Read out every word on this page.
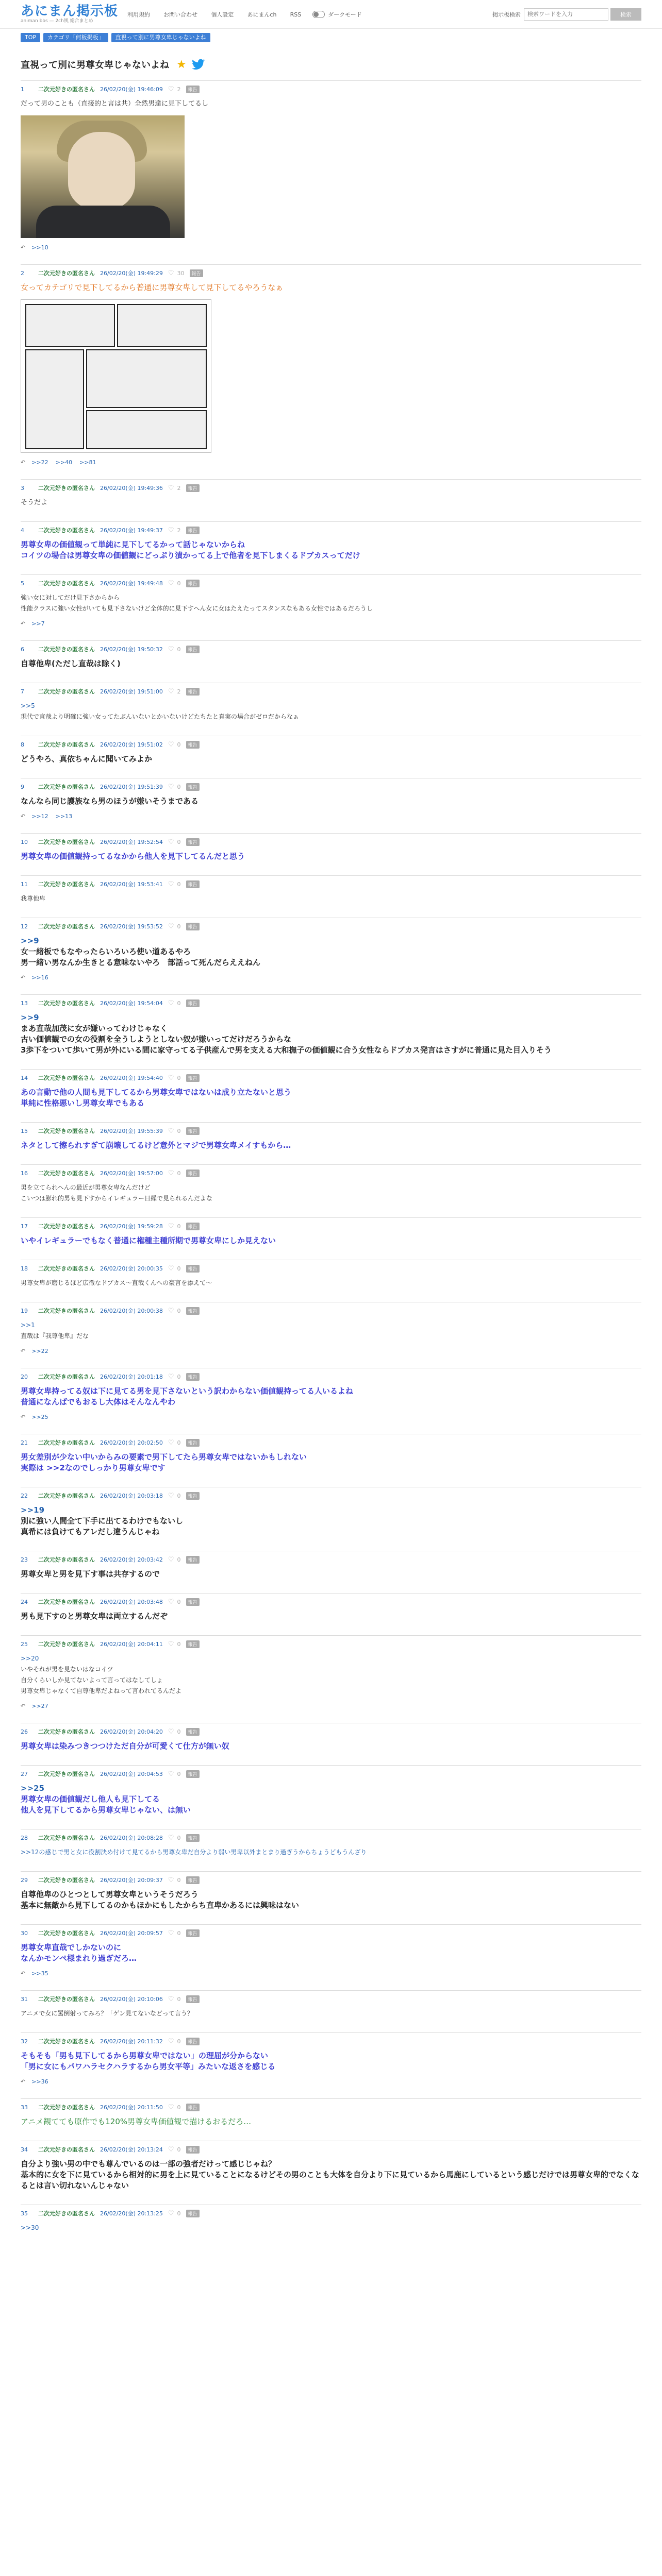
あにまん掲示板
animan bbs — 2ch風 総合まとめ
利用規約 お問い合わせ 個人設定 あにまんch RSS	ダークモード	掲示板検索
検索ワードを入力	検索
TOP	カテゴリ「何板掲板」	直視って別に男尊女卑じゃないよね
直視って別に男尊女卑じゃないよね ★
1	二次元好きの匿名さん 26/02/20(金) 19:46:09 ♡ 2	報告
だって男のことも（直接的と言は共）全然男達に見下してるし
↶ >>10
2	二次元好きの匿名さん 26/02/20(金) 19:49:29 ♡ 30	報告
女ってカテゴリで見下してるから普通に男尊女卑して見下してるやろうなぁ
↶ >>22 >>40 >>81
3	二次元好きの匿名さん 26/02/20(金) 19:49:36 ♡ 2	報告
そうだよ
4	二次元好きの匿名さん 26/02/20(金) 19:49:37 ♡ 2	報告
男尊女卑の価値観って単純に見下してるかって話じゃないからね
コイツの場合は男尊女卑の価値観にどっぷり漬かってる上で他者を見下しまくるドブカスってだけ
5	二次元好きの匿名さん 26/02/20(金) 19:49:48 ♡ 0	報告
強い女に対してだけ見下さからから
性能クラスに強い女性がいても見下さないけど全体的に見下すへん女に女はたえたってスタンスなもある女性ではあるだろうし
↶ >>7
6	二次元好きの匿名さん 26/02/20(金) 19:50:32 ♡ 0	報告
自尊他卑(ただし直哉は除く)
7	二次元好きの匿名さん 26/02/20(金) 19:51:00 ♡ 2	報告
>>5
現代で直哉より明確に強い女ってたぶんいないとかいないけどたちたと真実の場合がゼロだからなぁ
8	二次元好きの匿名さん 26/02/20(金) 19:51:02 ♡ 0	報告
どうやろ、真依ちゃんに聞いてみよか
9	二次元好きの匿名さん 26/02/20(金) 19:51:39 ♡ 0	報告
なんなら同じ護族なら男のほうが嫌いそうまである
↶ >>12 >>13
10	二次元好きの匿名さん 26/02/20(金) 19:52:54 ♡ 0	報告
男尊女卑の価値観持ってるなかから他人を見下してるんだと思う
11	二次元好きの匿名さん 26/02/20(金) 19:53:41 ♡ 0	報告
我尊他卑
12	二次元好きの匿名さん 26/02/20(金) 19:53:52 ♡ 0	報告
>>9
女一緒板でもなやったらいろいろ使い道あるやろ
男一緒い男なんか生きとる意味ないやろ　部話って死んだらええねん
↶ >>16
13	二次元好きの匿名さん 26/02/20(金) 19:54:04 ♡ 0	報告
>>9
まあ直哉加茂に女が嫌いってわけじゃなく
古い価値観での女の役割を全うしようとしない奴が嫌いってだけだろうからな
3歩下をついて歩いて男が外にいる間に家守ってる子供産んで男を支える大和撫子の価値観に合う女性ならドブカス発言はさすがに普通に見た目入りそう
14	二次元好きの匿名さん 26/02/20(金) 19:54:40 ♡ 0	報告
あの言動で他の人間も見下してるから男尊女卑ではないは成り立たないと思う
単純に性格悪いし男尊女卑でもある
15	二次元好きの匿名さん 26/02/20(金) 19:55:39 ♡ 0	報告
ネタとして擦られすぎて崩壊してるけど意外とマジで男尊女卑メイすもから…
16	二次元好きの匿名さん 26/02/20(金) 19:57:00 ♡ 0	報告
男を立てられへんの最近が男尊女卑なんだけど
こいつは膨れ的男も見下すからイレギュラー日繰で見られるんだよな
17	二次元好きの匿名さん 26/02/20(金) 19:59:28 ♡ 0	報告
いやイレギュラーでもなく普通に権種主種所期で男尊女卑にしか見えない
18	二次元好きの匿名さん 26/02/20(金) 20:00:35 ♡ 0	報告
男尊女卑が磨じるほど広徹なドブカス〜直哉くんへの豪言を添えて〜
19	二次元好きの匿名さん 26/02/20(金) 20:00:38 ♡ 0	報告
>>1
直哉は『我尊他卑』だな
↶ >>22
20	二次元好きの匿名さん 26/02/20(金) 20:01:18 ♡ 0	報告
男尊女卑持ってる奴は下に見てる男を見下さないという訳わからない価値観持ってる人いるよね
普通になんばでもおるし大体はそんなんやわ
↶ >>25
21	二次元好きの匿名さん 26/02/20(金) 20:02:50 ♡ 0	報告
男女差別が少ない中いからみの要素で男下してたら男尊女卑ではないかもしれない
実際は >>2なのでしっかり男尊女卑です
22	二次元好きの匿名さん 26/02/20(金) 20:03:18 ♡ 0	報告
>>19
別に強い人間全て下手に出てるわけでもないし
真希には負けてもアレだし違うんじゃね
23	二次元好きの匿名さん 26/02/20(金) 20:03:42 ♡ 0	報告
男尊女卑と男を見下す事は共存するので
24	二次元好きの匿名さん 26/02/20(金) 20:03:48 ♡ 0	報告
男も見下すのと男尊女卑は両立するんだぞ
25	二次元好きの匿名さん 26/02/20(金) 20:04:11 ♡ 0	報告
>>20
いやそれが男を見ないはなコイツ
自分くらいしか見てないよって言ってはなしてしょ
男尊女卑じゃなくて自尊他卑だよねって言われてるんだよ
↶ >>27
26	二次元好きの匿名さん 26/02/20(金) 20:04:20 ♡ 0	報告
男尊女卑は染みつきつつけただ自分が可愛くて仕方が無い奴
27	二次元好きの匿名さん 26/02/20(金) 20:04:53 ♡ 0	報告
>>25
男尊女卑の価値観だし他人も見下してる
他人を見下してるから男尊女卑じゃない、は無い
28	二次元好きの匿名さん 26/02/20(金) 20:08:28 ♡ 0	報告
>>12の感じで男と女に役割決め付けて見てるから男尊女卑だ自分より弱い男卑以外まとまり過ぎうからちょうどもうんざり
29	二次元好きの匿名さん 26/02/20(金) 20:09:37 ♡ 0	報告
自尊他卑のひとつとして男尊女卑というそうだろう
基本に無敵から見下してるのかもほかにもしたからち直卑かあるには興味はない
30	二次元好きの匿名さん 26/02/20(金) 20:09:57 ♡ 0	報告
男尊女卑直哉でしかないのに
なんかモンペ様まれり過ぎだろ…
↶ >>35
31	二次元好きの匿名さん 26/02/20(金) 20:10:06 ♡ 0	報告
アニメで女に罵倒射ってみろ？「ゲン見てないなどって言う？
32	二次元好きの匿名さん 26/02/20(金) 20:11:32 ♡ 0	報告
そもそも「男も見下してるから男尊女卑ではない」の理屈が分からない
「男に女にもパワハラセクハラするから男女平等」みたいな返さを感じる
↶ >>36
33	二次元好きの匿名さん 26/02/20(金) 20:11:50 ♡ 0	報告
アニメ観てても原作でも120%男尊女卑価値観で描けるおるだろ…
34	二次元好きの匿名さん 26/02/20(金) 20:13:24 ♡ 0	報告
自分より強い男の中でも尊んでいるのは一部の強者だけって感じじゃね？
基本的に女を下に見ているから相対的に男を上に見ていることになるけどその男のことも大体を自分より下に見ているから馬鹿にしているという感じだけでは男尊女卑的でなくなるとは言い切れないんじゃない
35	二次元好きの匿名さん 26/02/20(金) 20:13:25 ♡ 0	報告
>>30
